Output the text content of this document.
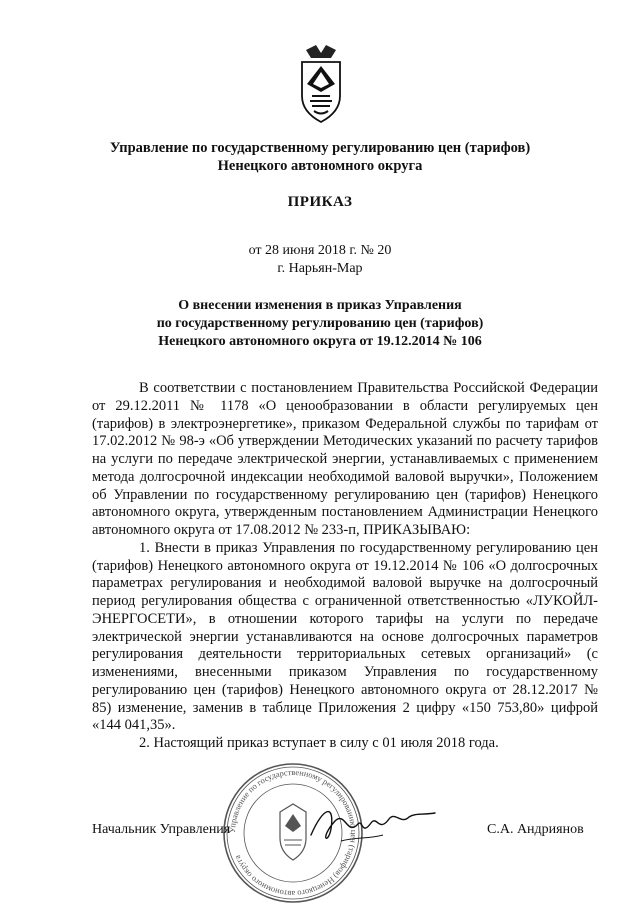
Управление по государственному регулированию цен (тарифов)
Ненецкого автономного округа
ПРИКАЗ
от 28 июня 2018 г. № 20
г. Нарьян-Мар
О внесении изменения в приказ Управления
по государственному регулированию цен (тарифов)
Ненецкого автономного округа от 19.12.2014 № 106

В соответствии с постановлением Правительства Российской Федерации от 29.12.2011 № 1178 «О ценообразовании в области регулируемых цен (тарифов) в электроэнергетике», приказом Федеральной службы по тарифам от 17.02.2012 № 98-э «Об утверждении Методических указаний по расчету тарифов на услуги по передаче электрической энергии, устанавливаемых с применением метода долгосрочной индексации необходимой валовой выручки», Положением об Управлении по государственному регулированию цен (тарифов) Ненецкого автономного округа, утвержденным постановлением Администрации Ненецкого автономного округа от 17.08.2012 № 233-п, ПРИКАЗЫВАЮ:

1. Внести в приказ Управления по государственному регулированию цен (тарифов) Ненецкого автономного округа от 19.12.2014 № 106 «О долгосрочных параметрах регулирования и необходимой валовой выручке на долгосрочный период регулирования общества с ограниченной ответственностью «ЛУКОЙЛ-ЭНЕРГОСЕТИ», в отношении которого тарифы на услуги по передаче электрической энергии устанавливаются на основе долгосрочных параметров регулирования деятельности территориальных сетевых организаций» (с изменениями, внесенными приказом Управления по государственному регулированию цен (тарифов) Ненецкого автономного округа от 28.12.2017 № 85) изменение, заменив в таблице Приложения 2 цифру «150 753,80» цифрой «144 041,35».

2. Настоящий приказ вступает в силу с 01 июля 2018 года.

Управление по государственному регулированию цен (тарифов) Ненецкого автономного округа
Начальник Управления	С.А. Андриянов
